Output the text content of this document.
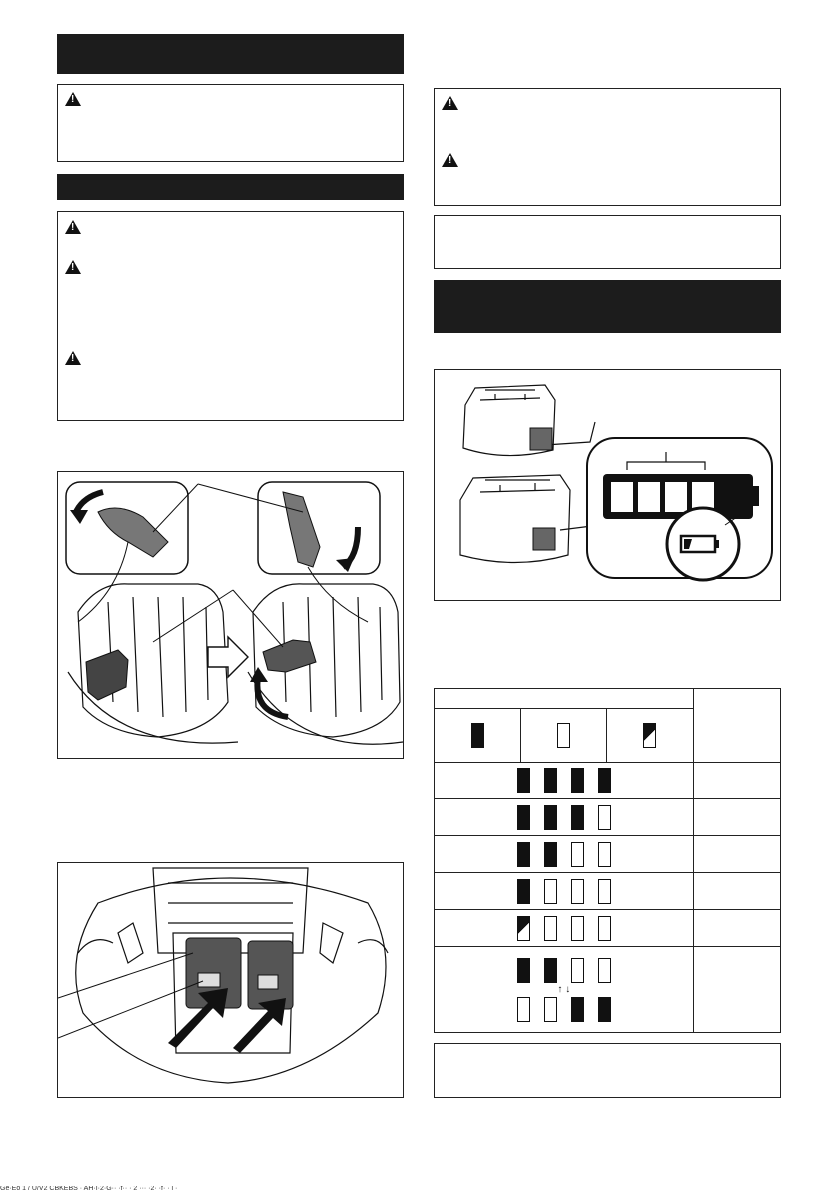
!
!
!
!
!
!

↑ ↓			

Ge·Eo 1 / U/V2 CBKEBS · AH·I·2·G·· ·f·· · 2 ··· ·2· ·f· · i ·
